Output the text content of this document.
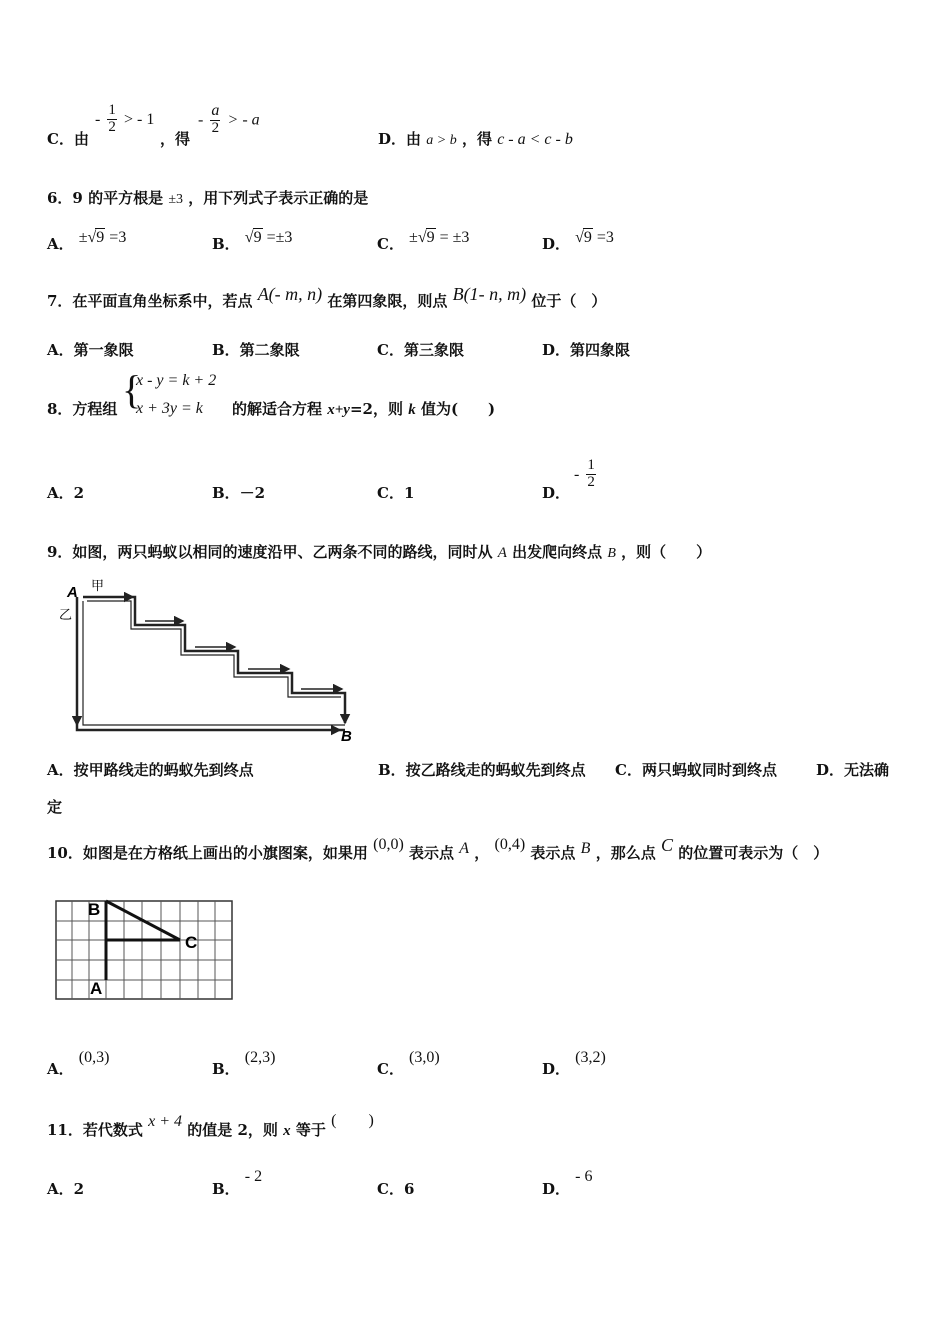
C．由
- $\frac{1}{2}$ > - 1
，得
- $\frac{a}{2}$ > - a
D．由 a > b ，得 c - a < c - b
6．9 的平方根是 ±3 ，用下列式子表示正确的是
A． ±√9 =3	B． √9 =±3	C． ±√9 = ±3	D． √9 =3
7．在平面直角坐标系中，若点 A(- m, n) 在第四象限，则点 B(1- n, m) 位于（　）
A．第一象限	B．第二象限	C．第三象限	D．第四象限
8．方程组 {
x - y = k + 2
x + 3y = k 的解适合方程 x+y=2，则 k 值为(　　)
A．2	B．－2	C．1	D．
- $\frac{1}{2}$
9．如图，两只蚂蚁以相同的速度沿甲、乙两条不同的路线，同时从 A 出发爬向终点 B ，则（　　）
A 甲
乙
B
A．按甲路线走的蚂蚁先到终点	B．按乙路线走的蚂蚁先到终点 C．两只蚂蚁同时到终点	D．无法确
定
10．如图是在方格纸上画出的小旗图案，如果用 (0,0) 表示点 A ， (0,4) 表示点 B ，那么点 C 的位置可表示为（　）
B
C
A
A． (0,3)
B． (2,3)
C． (3,0)
D． (3,2)
11．若代数式 x + 4 的值是 2，则 x 等于 (　　)
A．2	B． - 2
C．6	D． - 6
